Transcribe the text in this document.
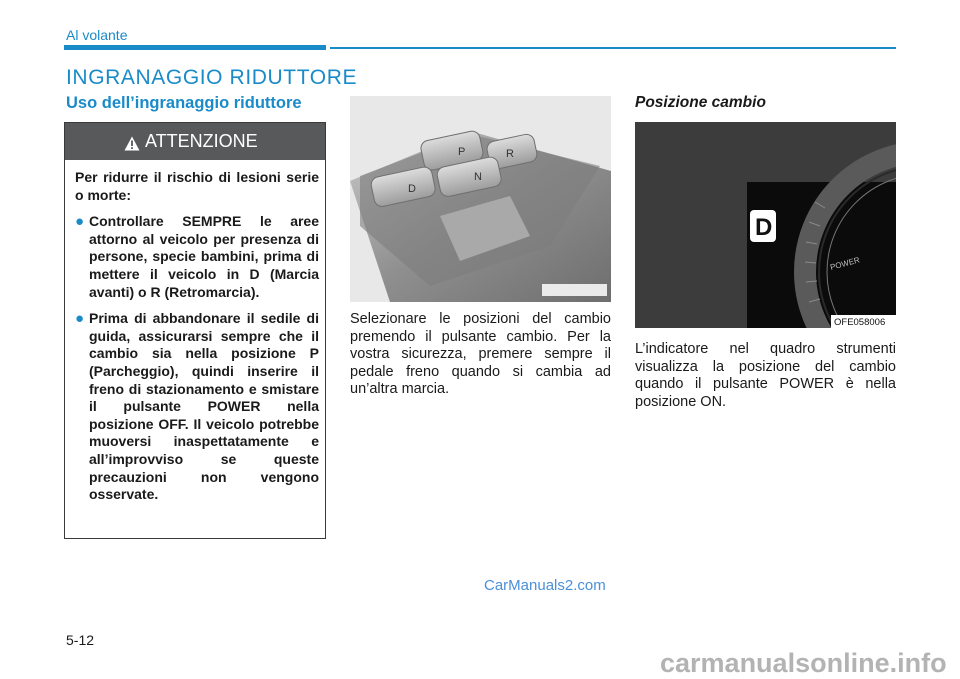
Al volante
INGRANAGGIO RIDUTTORE
Uso dell’ingranaggio riduttore
ATTENZIONE
Per ridurre il rischio di lesioni serie o morte:
● Controllare SEMPRE le aree attorno al veicolo per presenza di persone, specie bambini, prima di mettere il veicolo in D (Marcia avanti) o R (Retromarcia).
● Prima di abbandonare il sedile di guida, assicurarsi sempre che il cambio sia nella posizione P (Parcheggio), quindi inserire il freno di stazionamento e smistare il pulsante POWER nella posizione OFF. Il veicolo potrebbe muoversi inaspettatamente e all’improvviso se queste precauzioni non vengono osservate.
P	R
D
N
Selezionare le posizioni del cambio premendo il pulsante cambio. Per la vostra sicurezza, premere sempre il pedale freno quando si cambia ad un’altra marcia.
Posizione cambio
D
POWER
OFE058006
L’indicatore nel quadro strumenti visualizza la posizione del cambio quando il pulsante POWER è nella posizione ON.
CarManuals2.com
5-12
carmanualsonline.info
